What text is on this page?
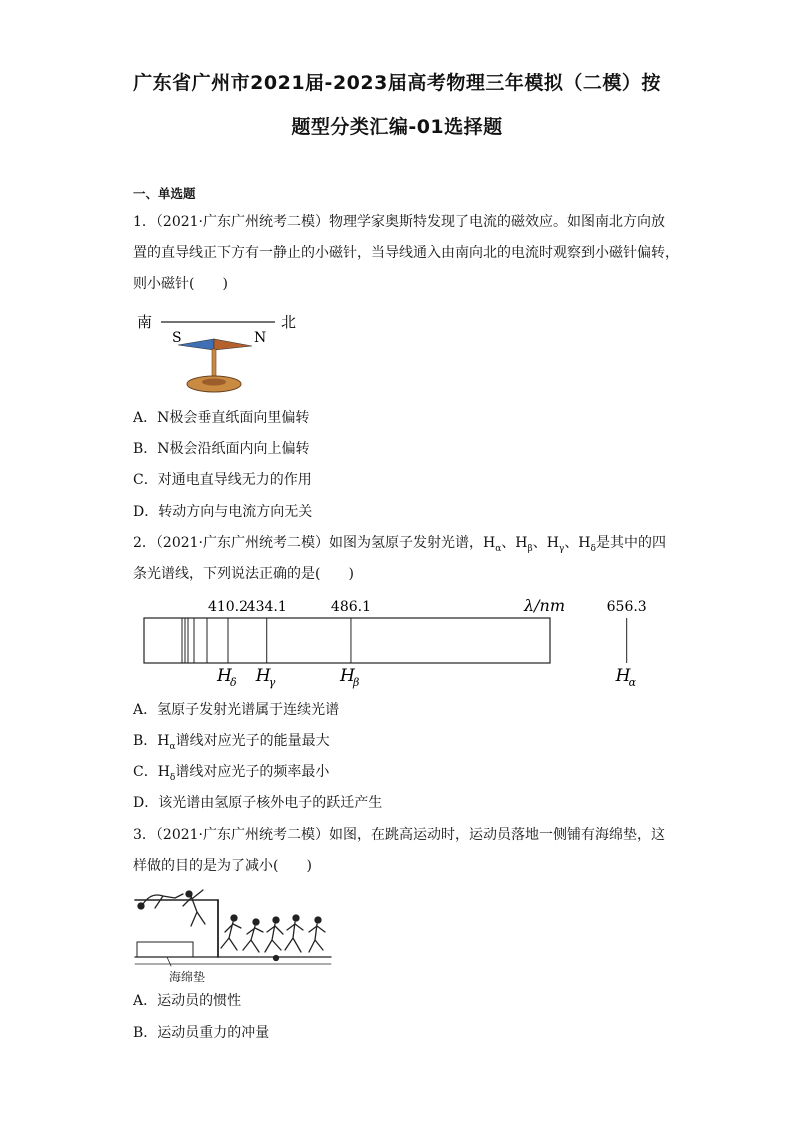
广东省广州市2021届-2023届高考物理三年模拟（二模）按
题型分类汇编-01选择题
一、单选题
1．（2021·广东广州统考二模）物理学家奥斯特发现了电流的磁效应。如图南北方向放
置的直导线正下方有一静止的小磁针，当导线通入由南向北的电流时观察到小磁针偏转，
则小磁针(　　)
南	北
S	N
A．N极会垂直纸面向里偏转
B．N极会沿纸面内向上偏转
C．对通电直导线无力的作用
D．转动方向与电流方向无关
2．（2021·广东广州统考二模）如图为氢原子发射光谱，$H_\alpha$、$H_\beta$、$H_\gamma$、$H_\delta$是其中的四
条光谱线，下列说法正确的是(　　)
λ/nm
410.2
H
δ
434.1
H
γ
486.1
H
β
656.3
H
α
A．氢原子发射光谱属于连续光谱
B．$H_\alpha$谱线对应光子的能量最大
C．$H_\delta$谱线对应光子的频率最小
D．该光谱由氢原子核外电子的跃迁产生
3．（2021·广东广州统考二模）如图，在跳高运动时，运动员落地一侧铺有海绵垫，这
样做的目的是为了减小(　　)
海绵垫
A．运动员的惯性
B．运动员重力的冲量
